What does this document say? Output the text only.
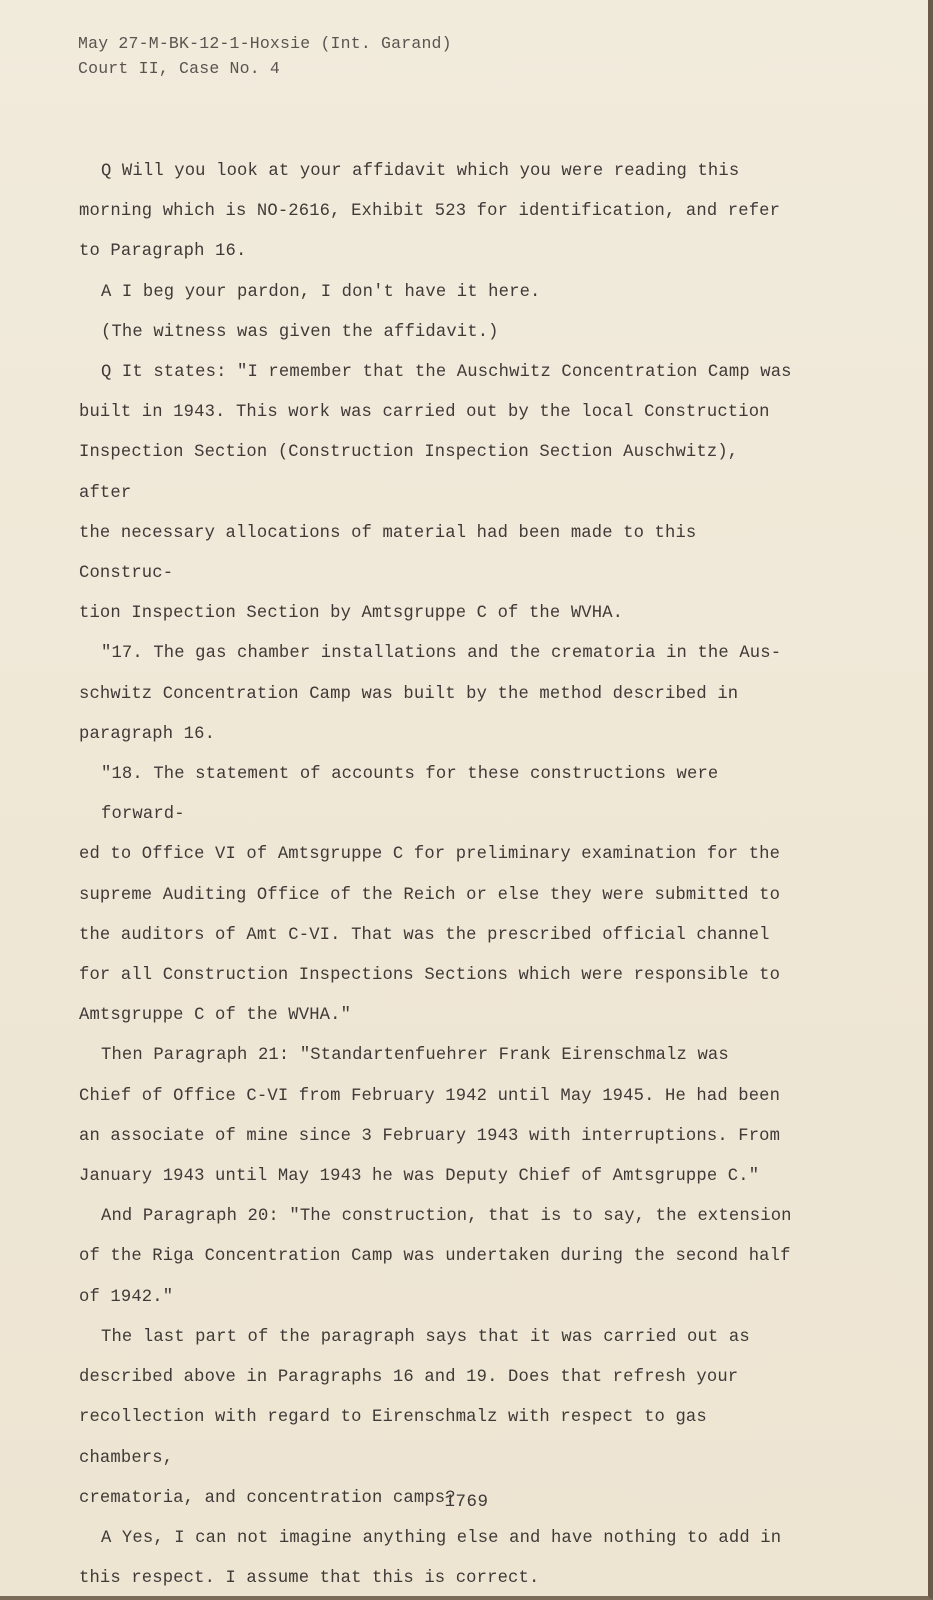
May 27-M-BK-12-1-Hoxsie (Int. Garand)
Court II, Case No. 4

Q Will you look at your affidavit which you were reading this

morning which is NO-2616, Exhibit 523 for identification, and refer

to Paragraph 16.

A I beg your pardon, I don't have it here.

(The witness was given the affidavit.)

Q It states: "I remember that the Auschwitz Concentration Camp was

built in 1943. This work was carried out by the local Construction

Inspection Section (Construction Inspection Section Auschwitz), after

the necessary allocations of material had been made to this Construc-

tion Inspection Section by Amtsgruppe C of the WVHA.

"17. The gas chamber installations and the crematoria in the Aus-

schwitz Concentration Camp was built by the method described in

paragraph 16.

"18. The statement of accounts for these constructions were forward-

ed to Office VI of Amtsgruppe C for preliminary examination for the

supreme Auditing Office of the Reich or else they were submitted to

the auditors of Amt C-VI. That was the prescribed official channel

for all Construction Inspections Sections which were responsible to

Amtsgruppe C of the WVHA."

Then Paragraph 21: "Standartenfuehrer Frank Eirenschmalz was

Chief of Office C-VI from February 1942 until May 1945. He had been

an associate of mine since 3 February 1943 with interruptions. From

January 1943 until May 1943 he was Deputy Chief of Amtsgruppe C."

And Paragraph 20: "The construction, that is to say, the extension

of the Riga Concentration Camp was undertaken during the second half

of 1942."

The last part of the paragraph says that it was carried out as

described above in Paragraphs 16 and 19. Does that refresh your

recollection with regard to Eirenschmalz with respect to gas chambers,

crematoria, and concentration camps?

A Yes, I can not imagine anything else and have nothing to add in

this respect. I assume that this is correct.

1769
